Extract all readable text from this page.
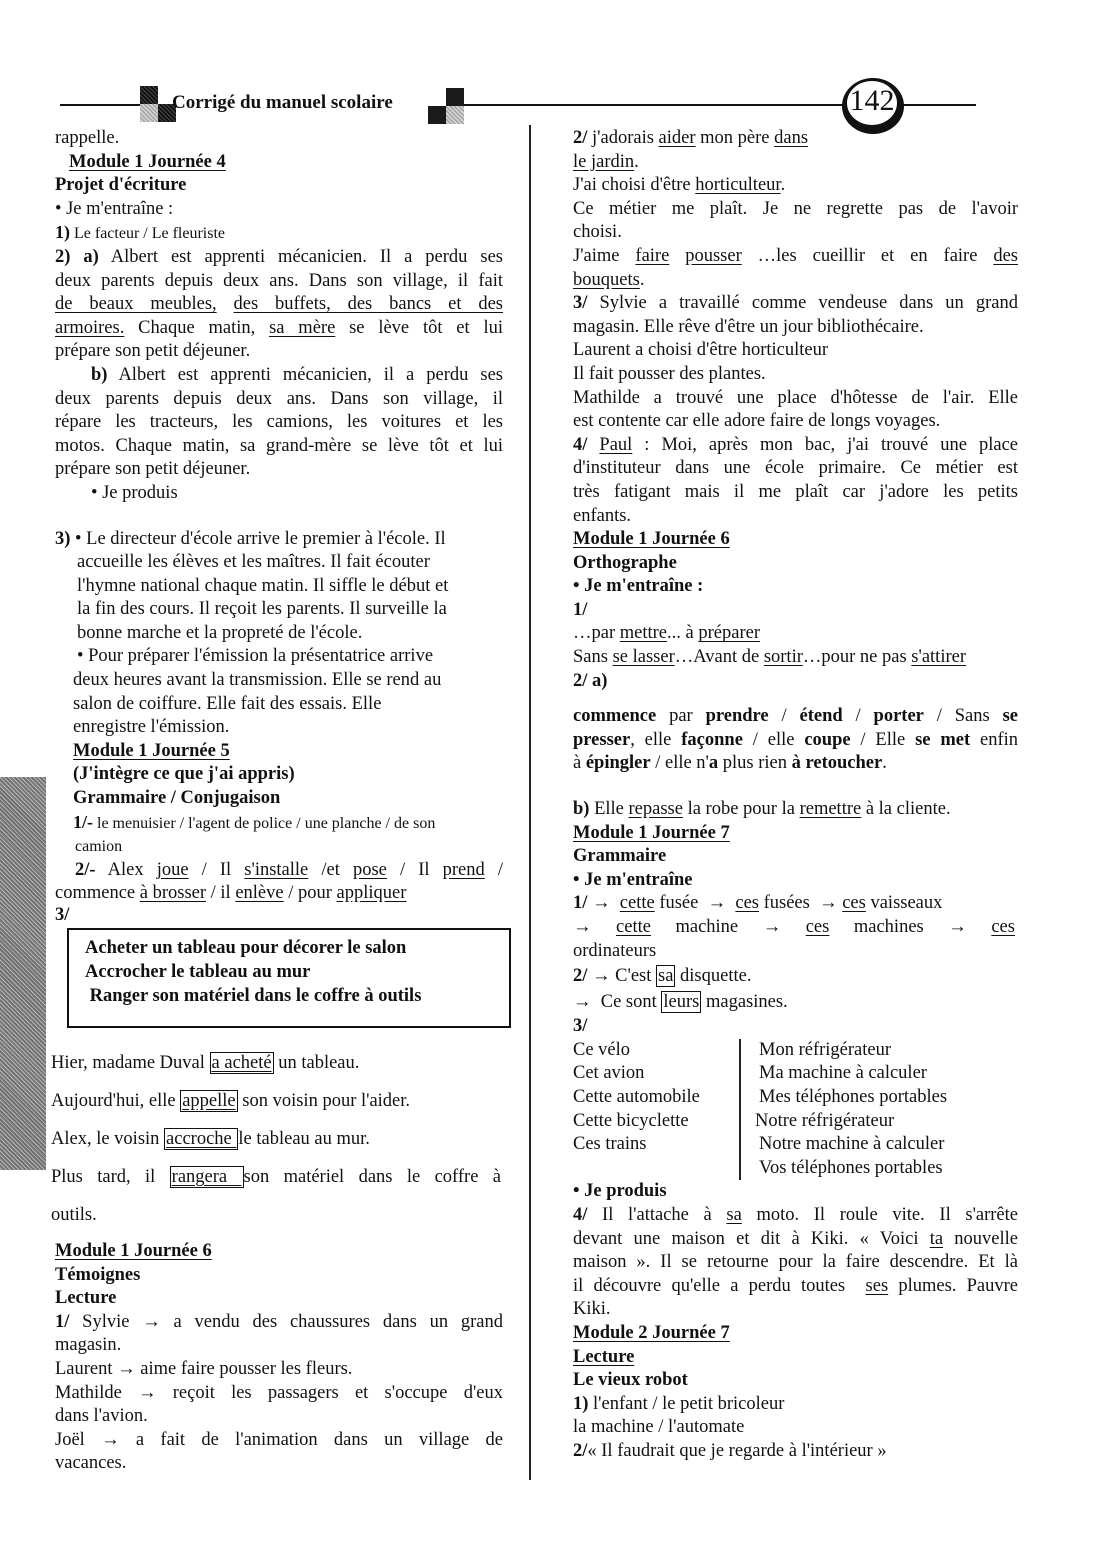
Corrigé du manuel scolaire	142
rappelle.
Module 1 Journée 4
Projet d'écriture
• Je m'entraîne :
1) Le facteur / Le fleuriste
2) a) Albert est apprenti mécanicien. Il a perdu ses
deux parents depuis deux ans. Dans son village, il fait
de beaux meubles, des buffets, des bancs et des
armoires. Chaque matin, sa mère se lève tôt et lui
prépare son petit déjeuner.
b) Albert est apprenti mécanicien, il a perdu ses
deux parents depuis deux ans. Dans son village, il
répare les tracteurs, les camions, les voitures et les
motos. Chaque matin, sa grand-mère se lève tôt et lui
prépare son petit déjeuner.
• Je produis
3) • Le directeur d'école arrive le premier à l'école. Il
accueille les élèves et les maîtres. Il fait écouter
l'hymne national chaque matin. Il siffle le début et
la fin des cours. Il reçoit les parents. Il surveille la
bonne marche et la propreté de l'école.
• Pour préparer l'émission la présentatrice arrive
deux heures avant la transmission. Elle se rend au
salon de coiffure. Elle fait des essais. Elle
enregistre l'émission.
Module 1 Journée 5
(J'intègre ce que j'ai appris)
Grammaire / Conjugaison
1/- le menuisier / l'agent de police / une planche / de son
camion
2/- Alex joue / Il s'installe /et pose / Il prend /
commence à brosser / il enlève / pour appliquer
3/
Acheter un tableau pour décorer le salon
Accrocher le tableau au mur
Ranger son matériel dans le coffre à outils
Hier, madame Duval a acheté un tableau.
Aujourd'hui, elle appelle son voisin pour l'aider.
Alex, le voisin accroche le tableau au mur.
Plus tard, il rangera son matériel dans le coffre à
outils.
Module 1 Journée 6
Témoignes
Lecture
1/ Sylvie → a vendu des chaussures dans un grand
magasin.
Laurent → aime faire pousser les fleurs.
Mathilde → reçoit les passagers et s'occupe d'eux
dans l'avion.
Joël → a fait de l'animation dans un village de
vacances.
2/ j'adorais aider mon père dans
le jardin.
J'ai choisi d'être horticulteur.
Ce métier me plaît. Je ne regrette pas de l'avoir
choisi.
J'aime faire pousser …les cueillir et en faire des
bouquets.
3/ Sylvie a travaillé comme vendeuse dans un grand
magasin. Elle rêve d'être un jour bibliothécaire.
Laurent a choisi d'être horticulteur
Il fait pousser des plantes.
Mathilde a trouvé une place d'hôtesse de l'air. Elle
est contente car elle adore faire de longs voyages.
4/ Paul : Moi, après mon bac, j'ai trouvé une place
d'instituteur dans une école primaire. Ce métier est
très fatigant mais il me plaît car j'adore les petits
enfants.
Module 1 Journée 6
Orthographe
• Je m'entraîne :
1/
…par mettre... à préparer
Sans se lasser…Avant de sortir…pour ne pas s'attirer
2/ a)
commence par prendre / étend / porter / Sans se
presser, elle façonne / elle coupe / Elle se met enfin
à épingler / elle n'a plus rien à retoucher.
b) Elle repasse la robe pour la remettre à la cliente.
Module 1 Journée 7
Grammaire
• Je m'entraîne
1/ →  cette fusée  →  ces fusées  → ces vaisseaux
→ cette machine → ces machines → ces
ordinateurs
2/ → C'est sa disquette.
→  Ce sont leurs magasines.
3/
Ce vélo
Cet avion
Cette automobile
Cette bicyclette
Ces trains

Mon réfrigérateur
Ma machine à calculer
Mes téléphones portables
Notre réfrigérateur
Notre machine à calculer
Vos téléphones portables
• Je produis
4/ Il l'attache à sa moto. Il roule vite. Il s'arrête
devant une maison et dit à Kiki. « Voici ta nouvelle
maison ». Il se retourne pour la faire descendre. Et là
il découvre qu'elle a perdu toutes  ses plumes. Pauvre
Kiki.
Module 2 Journée 7
Lecture
Le vieux robot
1) l'enfant / le petit bricoleur
la machine / l'automate
2/« Il faudrait que je regarde à l'intérieur »
